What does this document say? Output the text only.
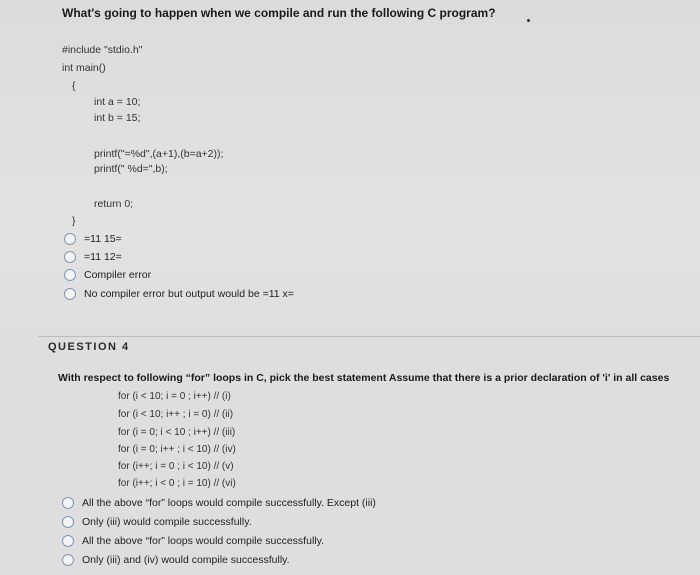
What's going to happen when we compile and run the following C program?
#include "stdio.h"
int main()
{
int a = 10;
int b = 15;
printf("=%d",(a+1),(b=a+2));
printf(" %d=",b);
return 0;
}
=11 15=
=11 12=
Compiler error
No compiler error but output would be =11 x=
QUESTION 4
With respect to following “for” loops in C, pick the best statement Assume that there is a prior declaration of 'i' in all cases
for (i < 10; i = 0 ; i++) // (i)
for (i < 10; i++ ; i = 0) // (ii)
for (i = 0; i < 10 ; i++) // (iii)
for (i = 0; i++ ; i < 10) // (iv)
for (i++; i = 0 ; i < 10) // (v)
for (i++; i < 0 ; i = 10) // (vi)
All the above “for” loops would compile successfully. Except (iii)
Only (iii) would compile successfully.
All the above “for” loops would compile successfully.
Only (iii) and (iv) would compile successfully.
